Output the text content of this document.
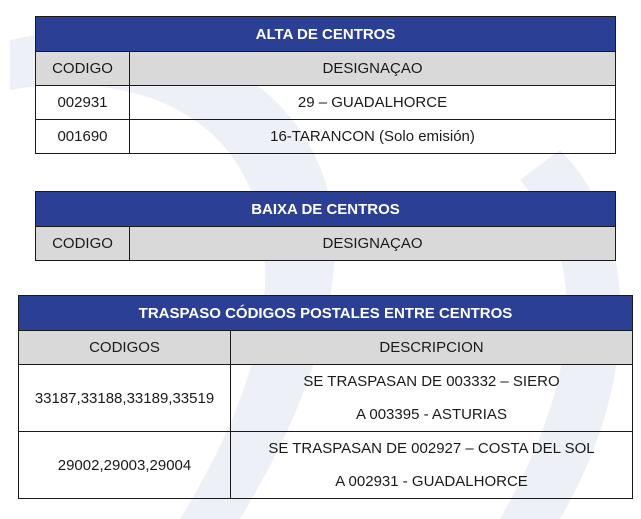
ALTA DE CENTROS	
CODIGO	DESIGNAÇAO
002931	29 – GUADALHORCE
001690	16-TARANCON (Solo emisión)
BAIXA DE CENTROS
CODIGO	DESIGNAÇAO
TRASPASO CÓDIGOS POSTALES ENTRE CENTROS	
CODIGOS	DESCRIPCION
33187,33188,33189,33519	SE TRASPASAN DE 003332 – SIERO
A 003395 - ASTURIAS

29002,29003,29004	SE TRASPASAN DE 002927 – COSTA DEL SOL
A 002931 - GUADALHORCE
